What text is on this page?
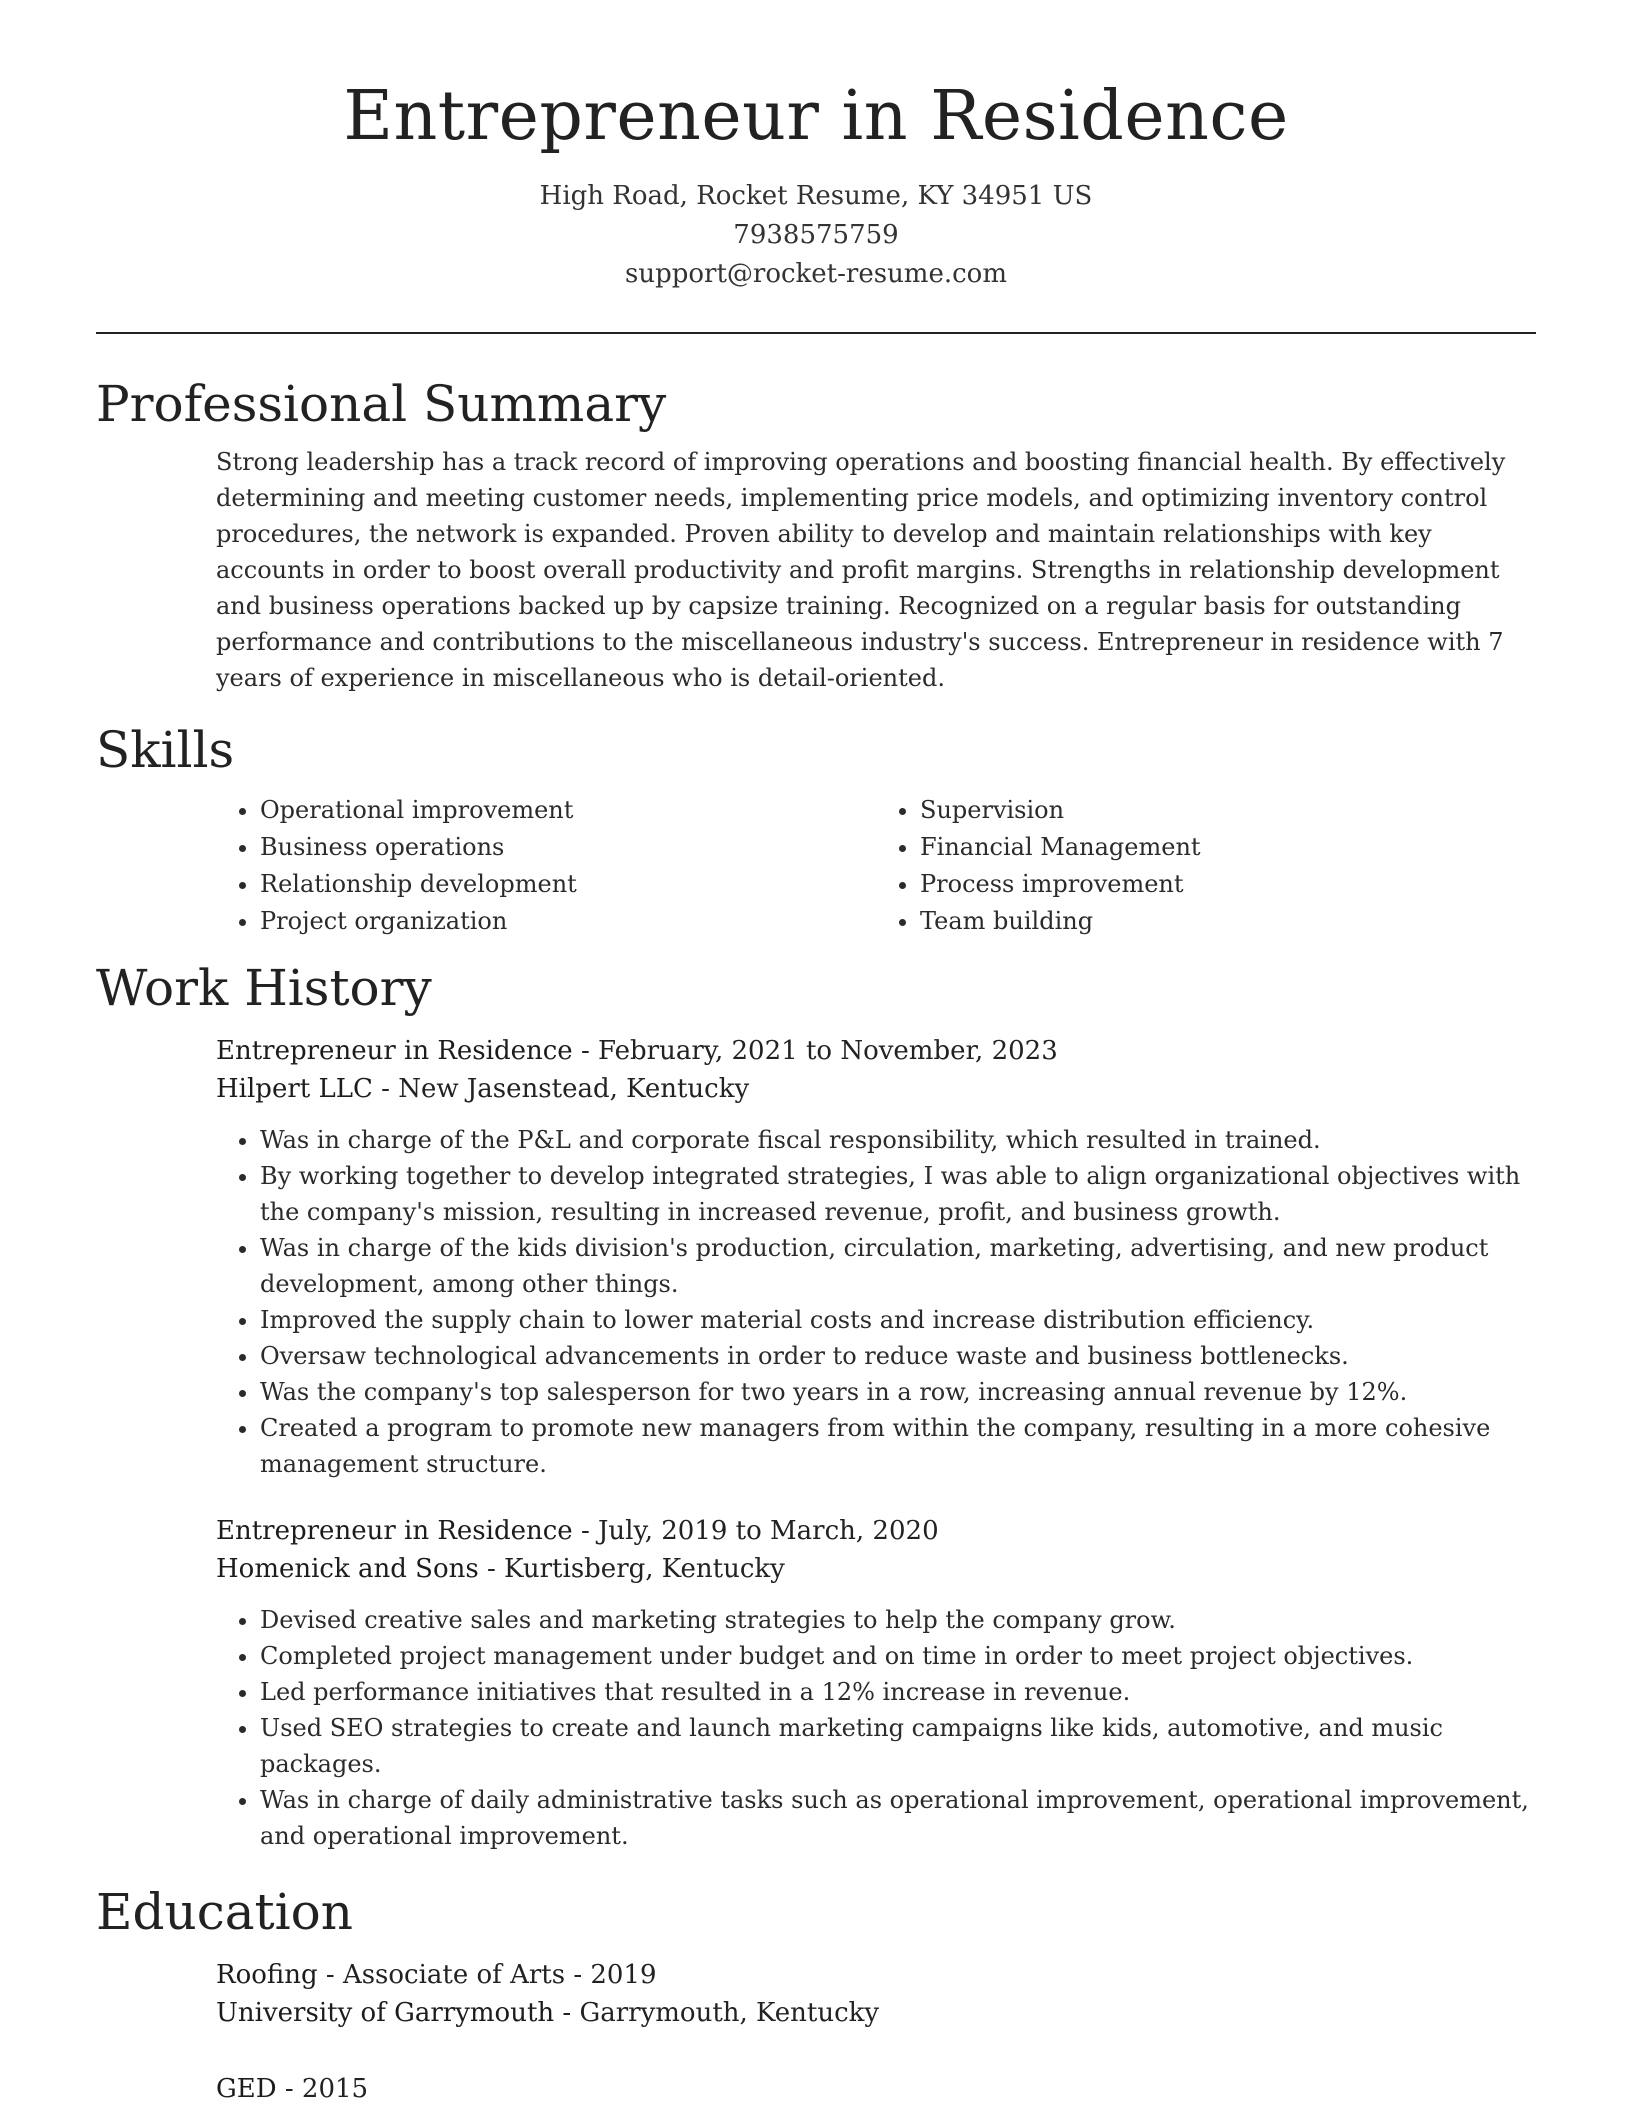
Entrepreneur in Residence
High Road, Rocket Resume, KY 34951 US
7938575759
support@rocket-resume.com
Professional Summary
Strong leadership has a track record of improving operations and boosting financial health. By effectively determining and meeting customer needs, implementing price models, and optimizing inventory control procedures, the network is expanded. Proven ability to develop and maintain relationships with key accounts in order to boost overall productivity and profit margins. Strengths in relationship development and business operations backed up by capsize training. Recognized on a regular basis for outstanding performance and contributions to the miscellaneous industry's success. Entrepreneur in residence with 7 years of experience in miscellaneous who is detail-oriented.
Skills
• Operational improvement
• Business operations
• Relationship development
• Project organization
• Supervision
• Financial Management
• Process improvement
• Team building
Work History
Entrepreneur in Residence - February, 2021 to November, 2023
Hilpert LLC - New Jasenstead, Kentucky
• Was in charge of the P&L and corporate fiscal responsibility, which resulted in trained.
• By working together to develop integrated strategies, I was able to align organizational objectives with the company's mission, resulting in increased revenue, profit, and business growth.
• Was in charge of the kids division's production, circulation, marketing, advertising, and new product development, among other things.
• Improved the supply chain to lower material costs and increase distribution efficiency.
• Oversaw technological advancements in order to reduce waste and business bottlenecks.
• Was the company's top salesperson for two years in a row, increasing annual revenue by 12%.
• Created a program to promote new managers from within the company, resulting in a more cohesive management structure.
Entrepreneur in Residence - July, 2019 to March, 2020
Homenick and Sons - Kurtisberg, Kentucky
• Devised creative sales and marketing strategies to help the company grow.
• Completed project management under budget and on time in order to meet project objectives.
• Led performance initiatives that resulted in a 12% increase in revenue.
• Used SEO strategies to create and launch marketing campaigns like kids, automotive, and music packages.
• Was in charge of daily administrative tasks such as operational improvement, operational improvement, and operational improvement.
Education
Roofing - Associate of Arts - 2019
University of Garrymouth - Garrymouth, Kentucky
GED - 2015
